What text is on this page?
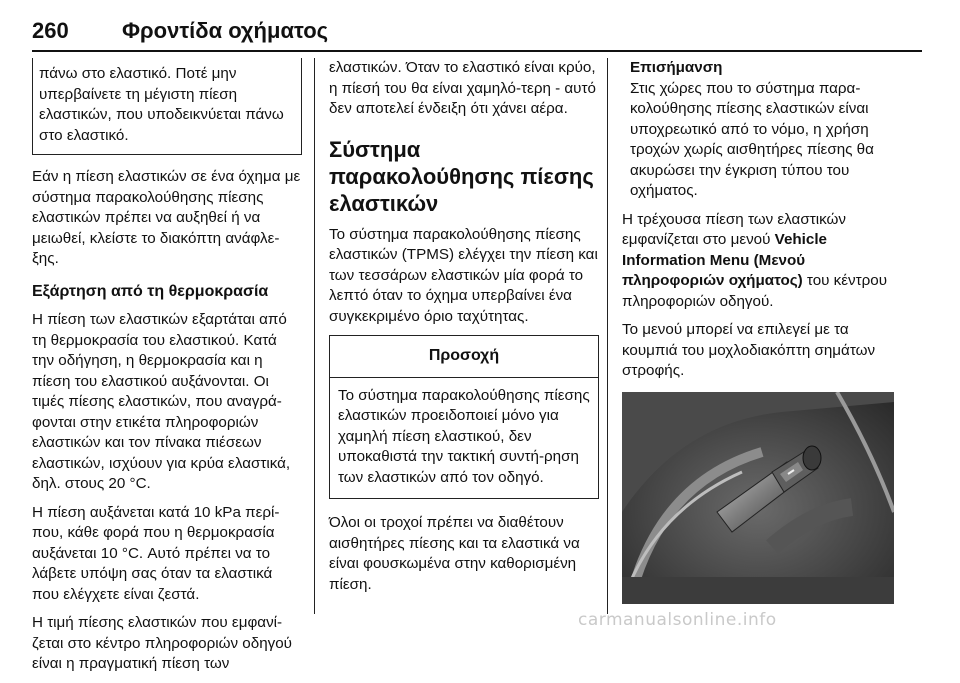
260 Φροντίδα οχήματος
πάνω στο ελαστικό. Ποτέ μην υπερβαίνετε τη μέγιστη πίεση ελαστικών, που υποδεικνύεται πάνω στο ελαστικό.

Εάν η πίεση ελαστικών σε ένα όχημα με σύστημα παρακολούθησης πίεσης ελαστικών πρέπει να αυξηθεί ή να μειωθεί, κλείστε το διακόπτη ανάφλε-ξης.

Εξάρτηση από τη θερμοκρασία

Η πίεση των ελαστικών εξαρτάται από τη θερμοκρασία του ελαστικού. Κατά την οδήγηση, η θερμοκρασία και η πίεση του ελαστικού αυξάνονται. Οι τιμές πίεσης ελαστικών, που αναγρά-φονται στην ετικέτα πληροφοριών ελαστικών και τον πίνακα πιέσεων ελαστικών, ισχύουν για κρύα ελαστικά, δηλ. στους 20 °C.

Η πίεση αυξάνεται κατά 10 kPa περί-που, κάθε φορά που η θερμοκρασία αυξάνεται 10 °C. Αυτό πρέπει να το λάβετε υπόψη σας όταν τα ελαστικά που ελέγχετε είναι ζεστά.

Η τιμή πίεσης ελαστικών που εμφανί-ζεται στο κέντρο πληροφοριών οδηγού είναι η πραγματική πίεση των

ελαστικών. Όταν το ελαστικό είναι κρύο, η πίεσή του θα είναι χαμηλό-τερη - αυτό δεν αποτελεί ένδειξη ότι χάνει αέρα.

Σύστημα παρακολούθησης πίεσης ελαστικών

Το σύστημα παρακολούθησης πίεσης ελαστικών (TPMS) ελέγχει την πίεση και των τεσσάρων ελαστικών μία φορά το λεπτό όταν το όχημα υπερβαίνει ένα συγκεκριμένο όριο ταχύτητας.

Προσοχή
Το σύστημα παρακολούθησης πίεσης ελαστικών προειδοποιεί μόνο για χαμηλή πίεση ελαστικού, δεν υποκαθιστά την τακτική συντή-ρηση των ελαστικών από τον οδηγό.

Όλοι οι τροχοί πρέπει να διαθέτουν αισθητήρες πίεσης και τα ελαστικά να είναι φουσκωμένα στην καθορισμένη πίεση.

Επισήμανση
Στις χώρες που το σύστημα παρα-κολούθησης πίεσης ελαστικών είναι υποχρεωτικό από το νόμο, η χρήση τροχών χωρίς αισθητήρες πίεσης θα ακυρώσει την έγκριση τύπου του οχήματος.

Η τρέχουσα πίεση των ελαστικών εμφανίζεται στο μενού Vehicle Information Menu (Μενού πληροφοριών οχήματος) του κέντρου πληροφοριών οδηγού.

Το μενού μπορεί να επιλεγεί με τα κουμπιά του μοχλοδιακόπτη σημάτων στροφής.

carmanualsonline.info
